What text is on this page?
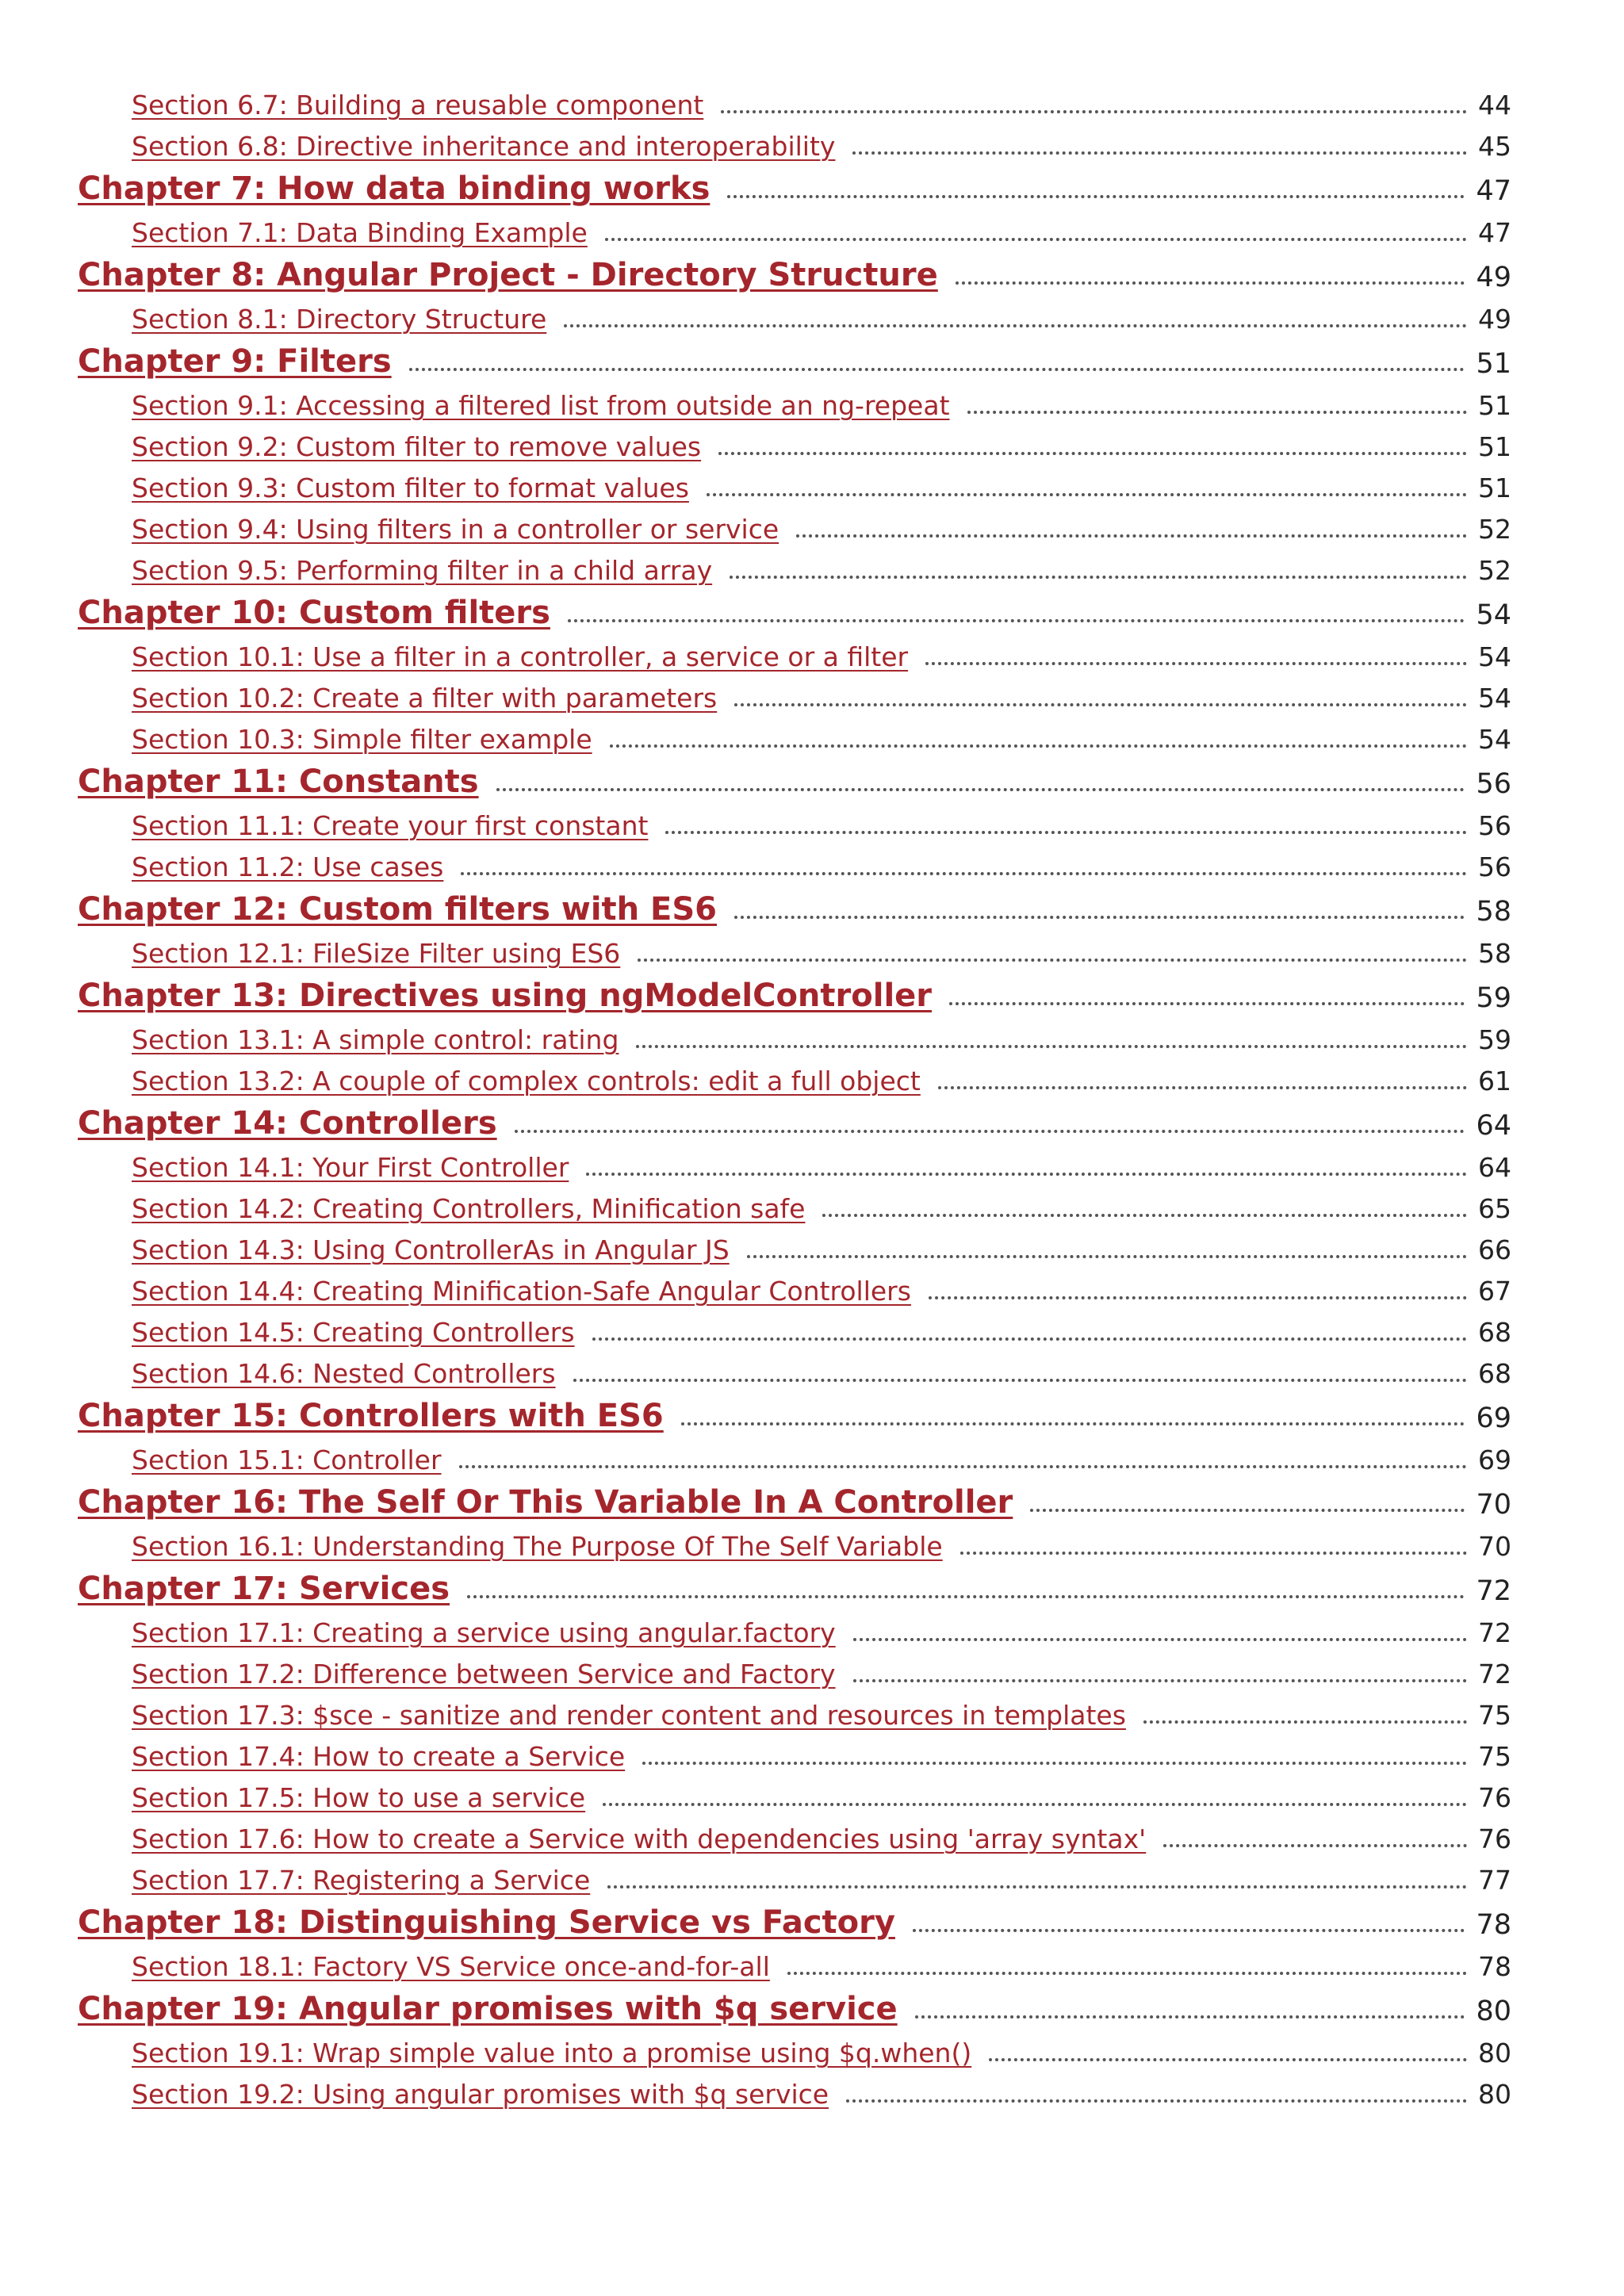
Section 6.7: Building a reusable component	44
Section 6.8: Directive inheritance and interoperability	45
Chapter 7: How data binding works	47
Section 7.1: Data Binding Example	47
Chapter 8: Angular Project - Directory Structure	49
Section 8.1: Directory Structure	49
Chapter 9: Filters	51
Section 9.1: Accessing a filtered list from outside an ng-repeat	51
Section 9.2: Custom filter to remove values	51
Section 9.3: Custom filter to format values	51
Section 9.4: Using filters in a controller or service	52
Section 9.5: Performing filter in a child array	52
Chapter 10: Custom filters	54
Section 10.1: Use a filter in a controller, a service or a filter	54
Section 10.2: Create a filter with parameters	54
Section 10.3: Simple filter example	54
Chapter 11: Constants	56
Section 11.1: Create your first constant	56
Section 11.2: Use cases	56
Chapter 12: Custom filters with ES6	58
Section 12.1: FileSize Filter using ES6	58
Chapter 13: Directives using ngModelController	59
Section 13.1: A simple control: rating	59
Section 13.2: A couple of complex controls: edit a full object	61
Chapter 14: Controllers	64
Section 14.1: Your First Controller	64
Section 14.2: Creating Controllers, Minification safe	65
Section 14.3: Using ControllerAs in Angular JS	66
Section 14.4: Creating Minification-Safe Angular Controllers	67
Section 14.5: Creating Controllers	68
Section 14.6: Nested Controllers	68
Chapter 15: Controllers with ES6	69
Section 15.1: Controller	69
Chapter 16: The Self Or This Variable In A Controller	70
Section 16.1: Understanding The Purpose Of The Self Variable	70
Chapter 17: Services	72
Section 17.1: Creating a service using angular.factory	72
Section 17.2: Difference between Service and Factory	72
Section 17.3: $sce - sanitize and render content and resources in templates	75
Section 17.4: How to create a Service	75
Section 17.5: How to use a service	76
Section 17.6: How to create a Service with dependencies using 'array syntax'	76
Section 17.7: Registering a Service	77
Chapter 18: Distinguishing Service vs Factory	78
Section 18.1: Factory VS Service once-and-for-all	78
Chapter 19: Angular promises with $q service	80
Section 19.1: Wrap simple value into a promise using $q.when()	80
Section 19.2: Using angular promises with $q service	80
